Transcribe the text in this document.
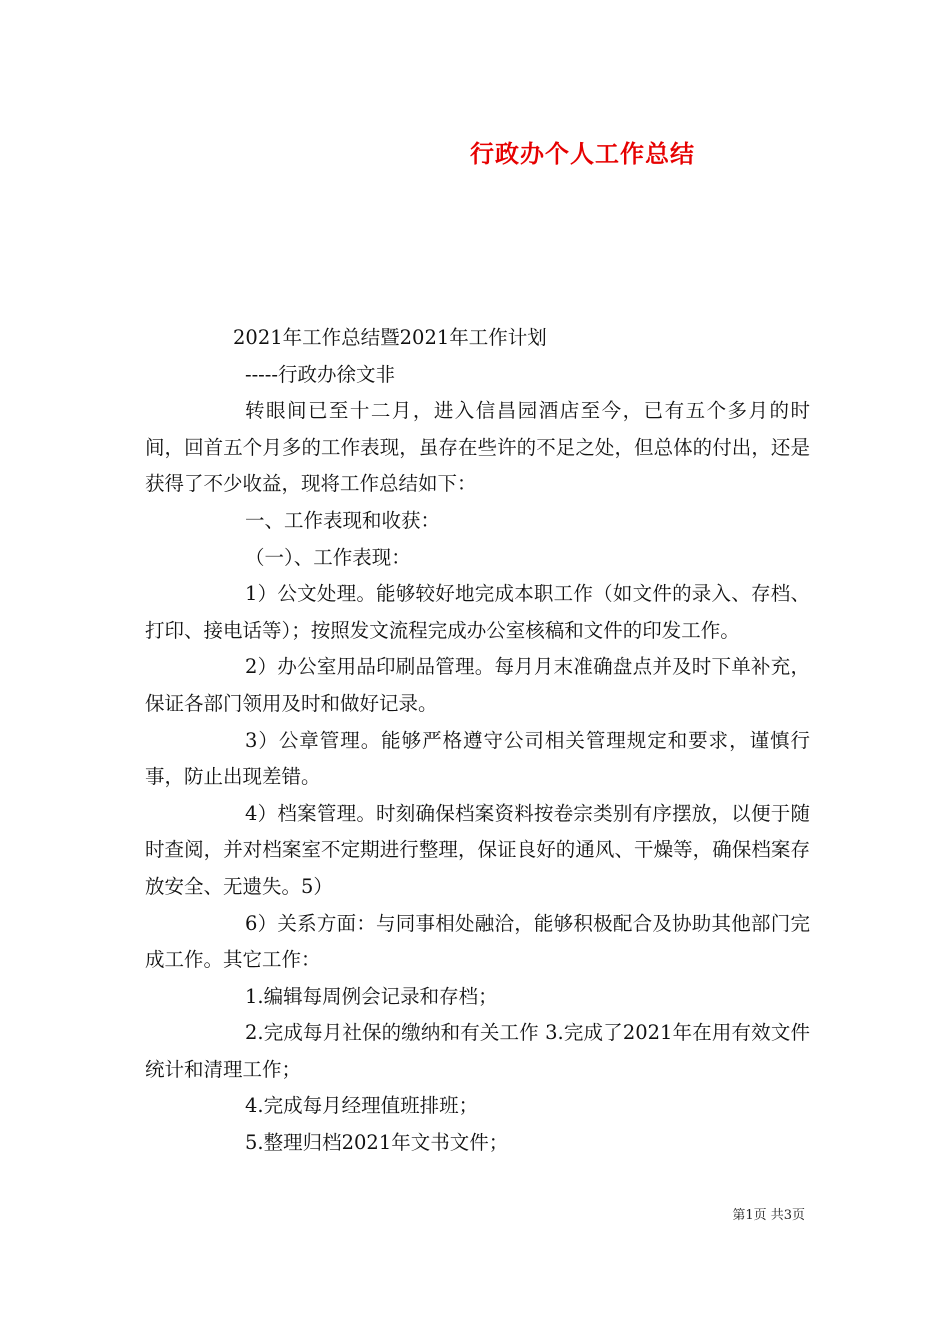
行政办个人工作总结

2021年工作总结暨2021年工作计划

-----行政办徐文非

转眼间已至十二月，进入信昌园酒店至今，已有五个多月的时间，回首五个月多的工作表现，虽存在些许的不足之处，但总体的付出，还是获得了不少收益，现将工作总结如下：

一、工作表现和收获：

（一）、工作表现：

1）公文处理。能够较好地完成本职工作（如文件的录入、存档、打印、接电话等）；按照发文流程完成办公室核稿和文件的印发工作。

2）办公室用品印刷品管理。每月月末准确盘点并及时下单补充，保证各部门领用及时和做好记录。

3）公章管理。能够严格遵守公司相关管理规定和要求，谨慎行事，防止出现差错。

4）档案管理。时刻确保档案资料按卷宗类别有序摆放，以便于随时查阅，并对档案室不定期进行整理，保证良好的通风、干燥等，确保档案存放安全、无遗失。5）

6）关系方面：与同事相处融洽，能够积极配合及协助其他部门完成工作。其它工作：

1.编辑每周例会记录和存档；

2.完成每月社保的缴纳和有关工作 3.完成了2021年在用有效文件统计和清理工作；

4.完成每月经理值班排班；

5.整理归档2021年文书文件；

第1页 共3页
